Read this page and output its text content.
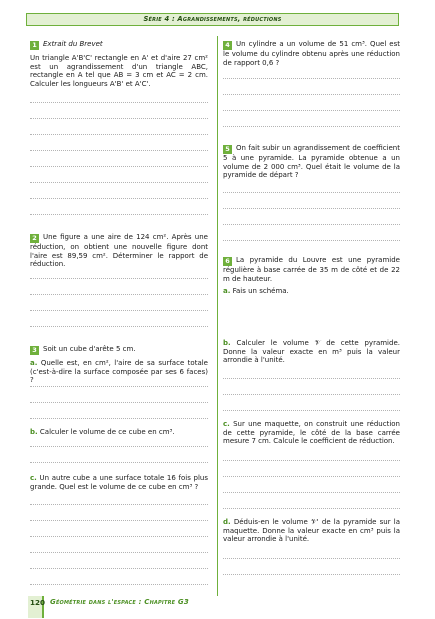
Série 4 : Agrandissements, réductions
1 Extrait du Brevet
Un triangle A'B'C' rectangle en A' et d'aire 27 cm² est un agrandissement d'un triangle ABC, rectangle en A tel que AB = 3 cm et AC = 2 cm. Calculer les longueurs A'B' et A'C'.
2 Une figure a une aire de 124 cm². Après une réduction, on obtient une nouvelle figure dont l'aire est 89,59 cm². Déterminer le rapport de réduction.
3 Soit un cube d'arête 5 cm.
a. Quelle est, en cm², l'aire de sa surface totale (c'est-à-dire la surface composée par ses 6 faces) ?
b. Calculer le volume de ce cube en cm³.
c. Un autre cube a une surface totale 16 fois plus grande. Quel est le volume de ce cube en cm³ ?
4 Un cylindre a un volume de 51 cm³. Quel est le volume du cylindre obtenu après une réduction de rapport 0,6 ?
5 On fait subir un agrandissement de coefficient 5 à une pyramide. La pyramide obtenue a un volume de 2 000 cm³. Quel était le volume de la pyramide de départ ?
6 La pyramide du Louvre est une pyramide régulière à base carrée de 35 m de côté et de 22 m de hauteur.
a. Fais un schéma.
b. Calculer le volume 𝒱 de cette pyramide. Donne la valeur exacte en m³ puis la valeur arrondie à l'unité.
c. Sur une maquette, on construit une réduction de cette pyramide, le côté de la base carrée mesure 7 cm. Calcule le coefficient de réduction.
d. Déduis-en le volume 𝒱' de la pyramide sur la maquette. Donne la valeur exacte en cm³ puis la valeur arrondie à l'unité.
120 Géométrie dans l'espace : Chapitre G3
